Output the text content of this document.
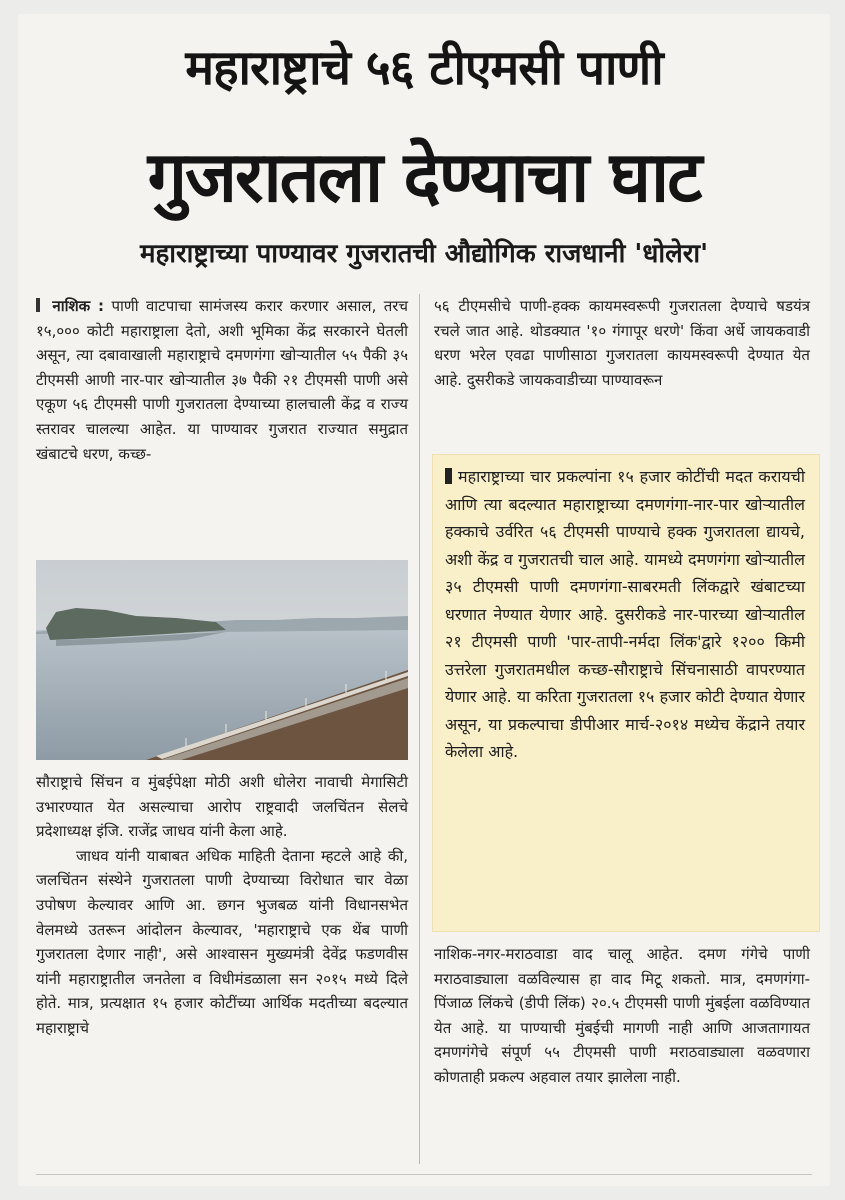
महाराष्ट्राचे ५६ टीएमसी पाणी
गुजरातला देण्याचा घाट
महाराष्ट्राच्या पाण्यावर गुजरातची औद्योगिक राजधानी 'धोलेरा'

नाशिक : पाणी वाटपाचा सामंजस्य करार करणार असाल, तरच १५,००० कोटी महाराष्ट्राला देतो, अशी भूमिका केंद्र सरकारने घेतली असून, त्या दबावाखाली महाराष्ट्राचे दमणगंगा खोऱ्यातील ५५ पैकी ३५ टीएमसी आणी नार-पार खोऱ्यातील ३७ पैकी २१ टीएमसी पाणी असे एकूण ५६ टीएमसी पाणी गुजरातला देण्याच्या हालचाली केंद्र व राज्य स्तरावर चालल्या आहेत. या पाण्यावर गुजरात राज्यात समुद्रात खंबाटचे धरण, कच्छ-

सौराष्ट्राचे सिंचन व मुंबईपेक्षा मोठी अशी धोलेरा नावाची मेगासिटी उभारण्यात येत असल्याचा आरोप राष्ट्रवादी जलचिंतन सेलचे प्रदेशाध्यक्ष इंजि. राजेंद्र जाधव यांनी केला आहे.

जाधव यांनी याबाबत अधिक माहिती देताना म्हटले आहे की, जलचिंतन संस्थेने गुजरातला पाणी देण्याच्या विरोधात चार वेळा उपोषण केल्यावर आणि आ. छगन भुजबळ यांनी विधानसभेत वेलमध्ये उतरून आंदोलन केल्यावर, 'महाराष्ट्राचे एक थेंब पाणी गुजरातला देणार नाही', असे आश्वासन मुख्यमंत्री देवेंद्र फडणवीस यांनी महाराष्ट्रातील जनतेला व विधीमंडळाला सन २०१५ मध्ये दिले होते. मात्र, प्रत्यक्षात १५ हजार कोटींच्या आर्थिक मदतीच्या बदल्यात महाराष्ट्राचे

५६ टीएमसीचे पाणी-हक्क कायमस्वरूपी गुजरातला देण्याचे षडयंत्र रचले जात आहे. थोडक्यात '१० गंगापूर धरणे' किंवा अर्धे जायकवाडी धरण भरेल एवढा पाणीसाठा गुजरातला कायमस्वरूपी देण्यात येत आहे. दुसरीकडे जायकवाडीच्या पाण्यावरून

महाराष्ट्राच्या चार प्रकल्पांना १५ हजार कोटींची मदत करायची आणि त्या बदल्यात महाराष्ट्राच्या दमणगंगा-नार-पार खोऱ्यातील हक्काचे उर्वरित ५६ टीएमसी पाण्याचे हक्क गुजरातला द्यायचे, अशी केंद्र व गुजरातची चाल आहे. यामध्ये दमणगंगा खोऱ्यातील ३५ टीएमसी पाणी दमणगंगा-साबरमती लिंकद्वारे खंबाटच्या धरणात नेण्यात येणार आहे. दुसरीकडे नार-पारच्या खोऱ्यातील २१ टीएमसी पाणी 'पार-तापी-नर्मदा लिंक'द्वारे १२०० किमी उत्तरेला गुजरातमधील कच्छ-सौराष्ट्राचे सिंचनासाठी वापरण्यात येणार आहे. या करिता गुजरातला १५ हजार कोटी देण्यात येणार असून, या प्रकल्पाचा डीपीआर मार्च-२०१४ मध्येच केंद्राने तयार केलेला आहे.

नाशिक-नगर-मराठवाडा वाद चालू आहेत. दमण गंगेचे पाणी मराठवाड्याला वळविल्यास हा वाद मिटू शकतो. मात्र, दमणगंगा-पिंजाळ लिंकचे (डीपी लिंक) २०.५ टीएमसी पाणी मुंबईला वळविण्यात येत आहे. या पाण्याची मुंबईची मागणी नाही आणि आजतागायत दमणगंगेचे संपूर्ण ५५ टीएमसी पाणी मराठवाड्याला वळवणारा कोणताही प्रकल्प अहवाल तयार झालेला नाही.
